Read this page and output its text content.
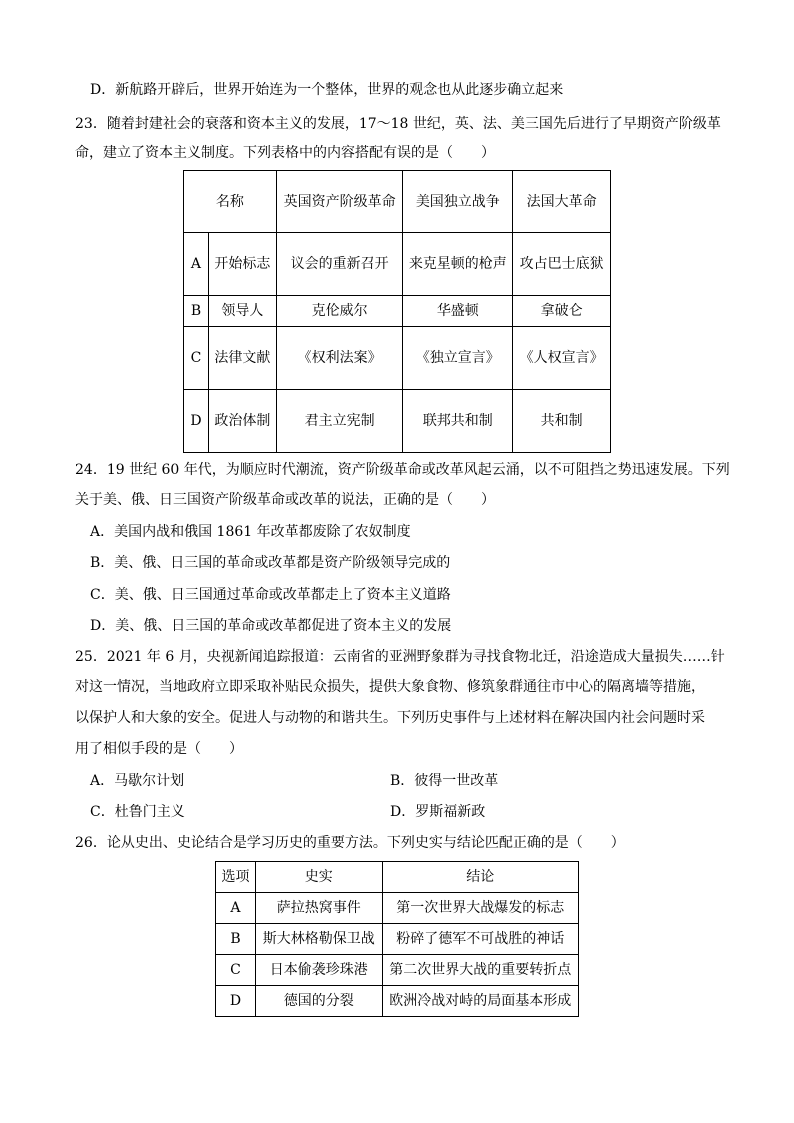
D．新航路开辟后，世界开始连为一个整体，世界的观念也从此逐步确立起来
23．随着封建社会的衰落和资本主义的发展，17～18 世纪，英、法、美三国先后进行了早期资产阶级革
命，建立了资本主义制度。下列表格中的内容搭配有误的是（　　）
名称		英国资产阶级革命	美国独立战争	法国大革命
A	开始标志	议会的重新召开	来克星顿的枪声	攻占巴士底狱
B	领导人	克伦威尔	华盛顿	拿破仑
C	法律文献	《权利法案》	《独立宣言》	《人权宣言》
D	政治体制	君主立宪制	联邦共和制	共和制
24．19 世纪 60 年代，为顺应时代潮流，资产阶级革命或改革风起云涌，以不可阻挡之势迅速发展。下列
关于美、俄、日三国资产阶级革命或改革的说法，正确的是（　　）
A．美国内战和俄国 1861 年改革都废除了农奴制度
B．美、俄、日三国的革命或改革都是资产阶级领导完成的
C．美、俄、日三国通过革命或改革都走上了资本主义道路
D．美、俄、日三国的革命或改革都促进了资本主义的发展
25．2021 年 6 月，央视新闻追踪报道：云南省的亚洲野象群为寻找食物北迁，沿途造成大量损失……针
对这一情况，当地政府立即采取补贴民众损失，提供大象食物、修筑象群通往市中心的隔离墙等措施，
以保护人和大象的安全。促进人与动物的和谐共生。下列历史事件与上述材料在解决国内社会问题时采
用了相似手段的是（　　）
A．马歇尔计划	B．彼得一世改革
C．杜鲁门主义	D．罗斯福新政
26．论从史出、史论结合是学习历史的重要方法。下列史实与结论匹配正确的是（　　）
选项	史实	结论
A	萨拉热窝事件	第一次世界大战爆发的标志
B	斯大林格勒保卫战	粉碎了德军不可战胜的神话
C	日本偷袭珍珠港	第二次世界大战的重要转折点
D	德国的分裂	欧洲冷战对峙的局面基本形成
